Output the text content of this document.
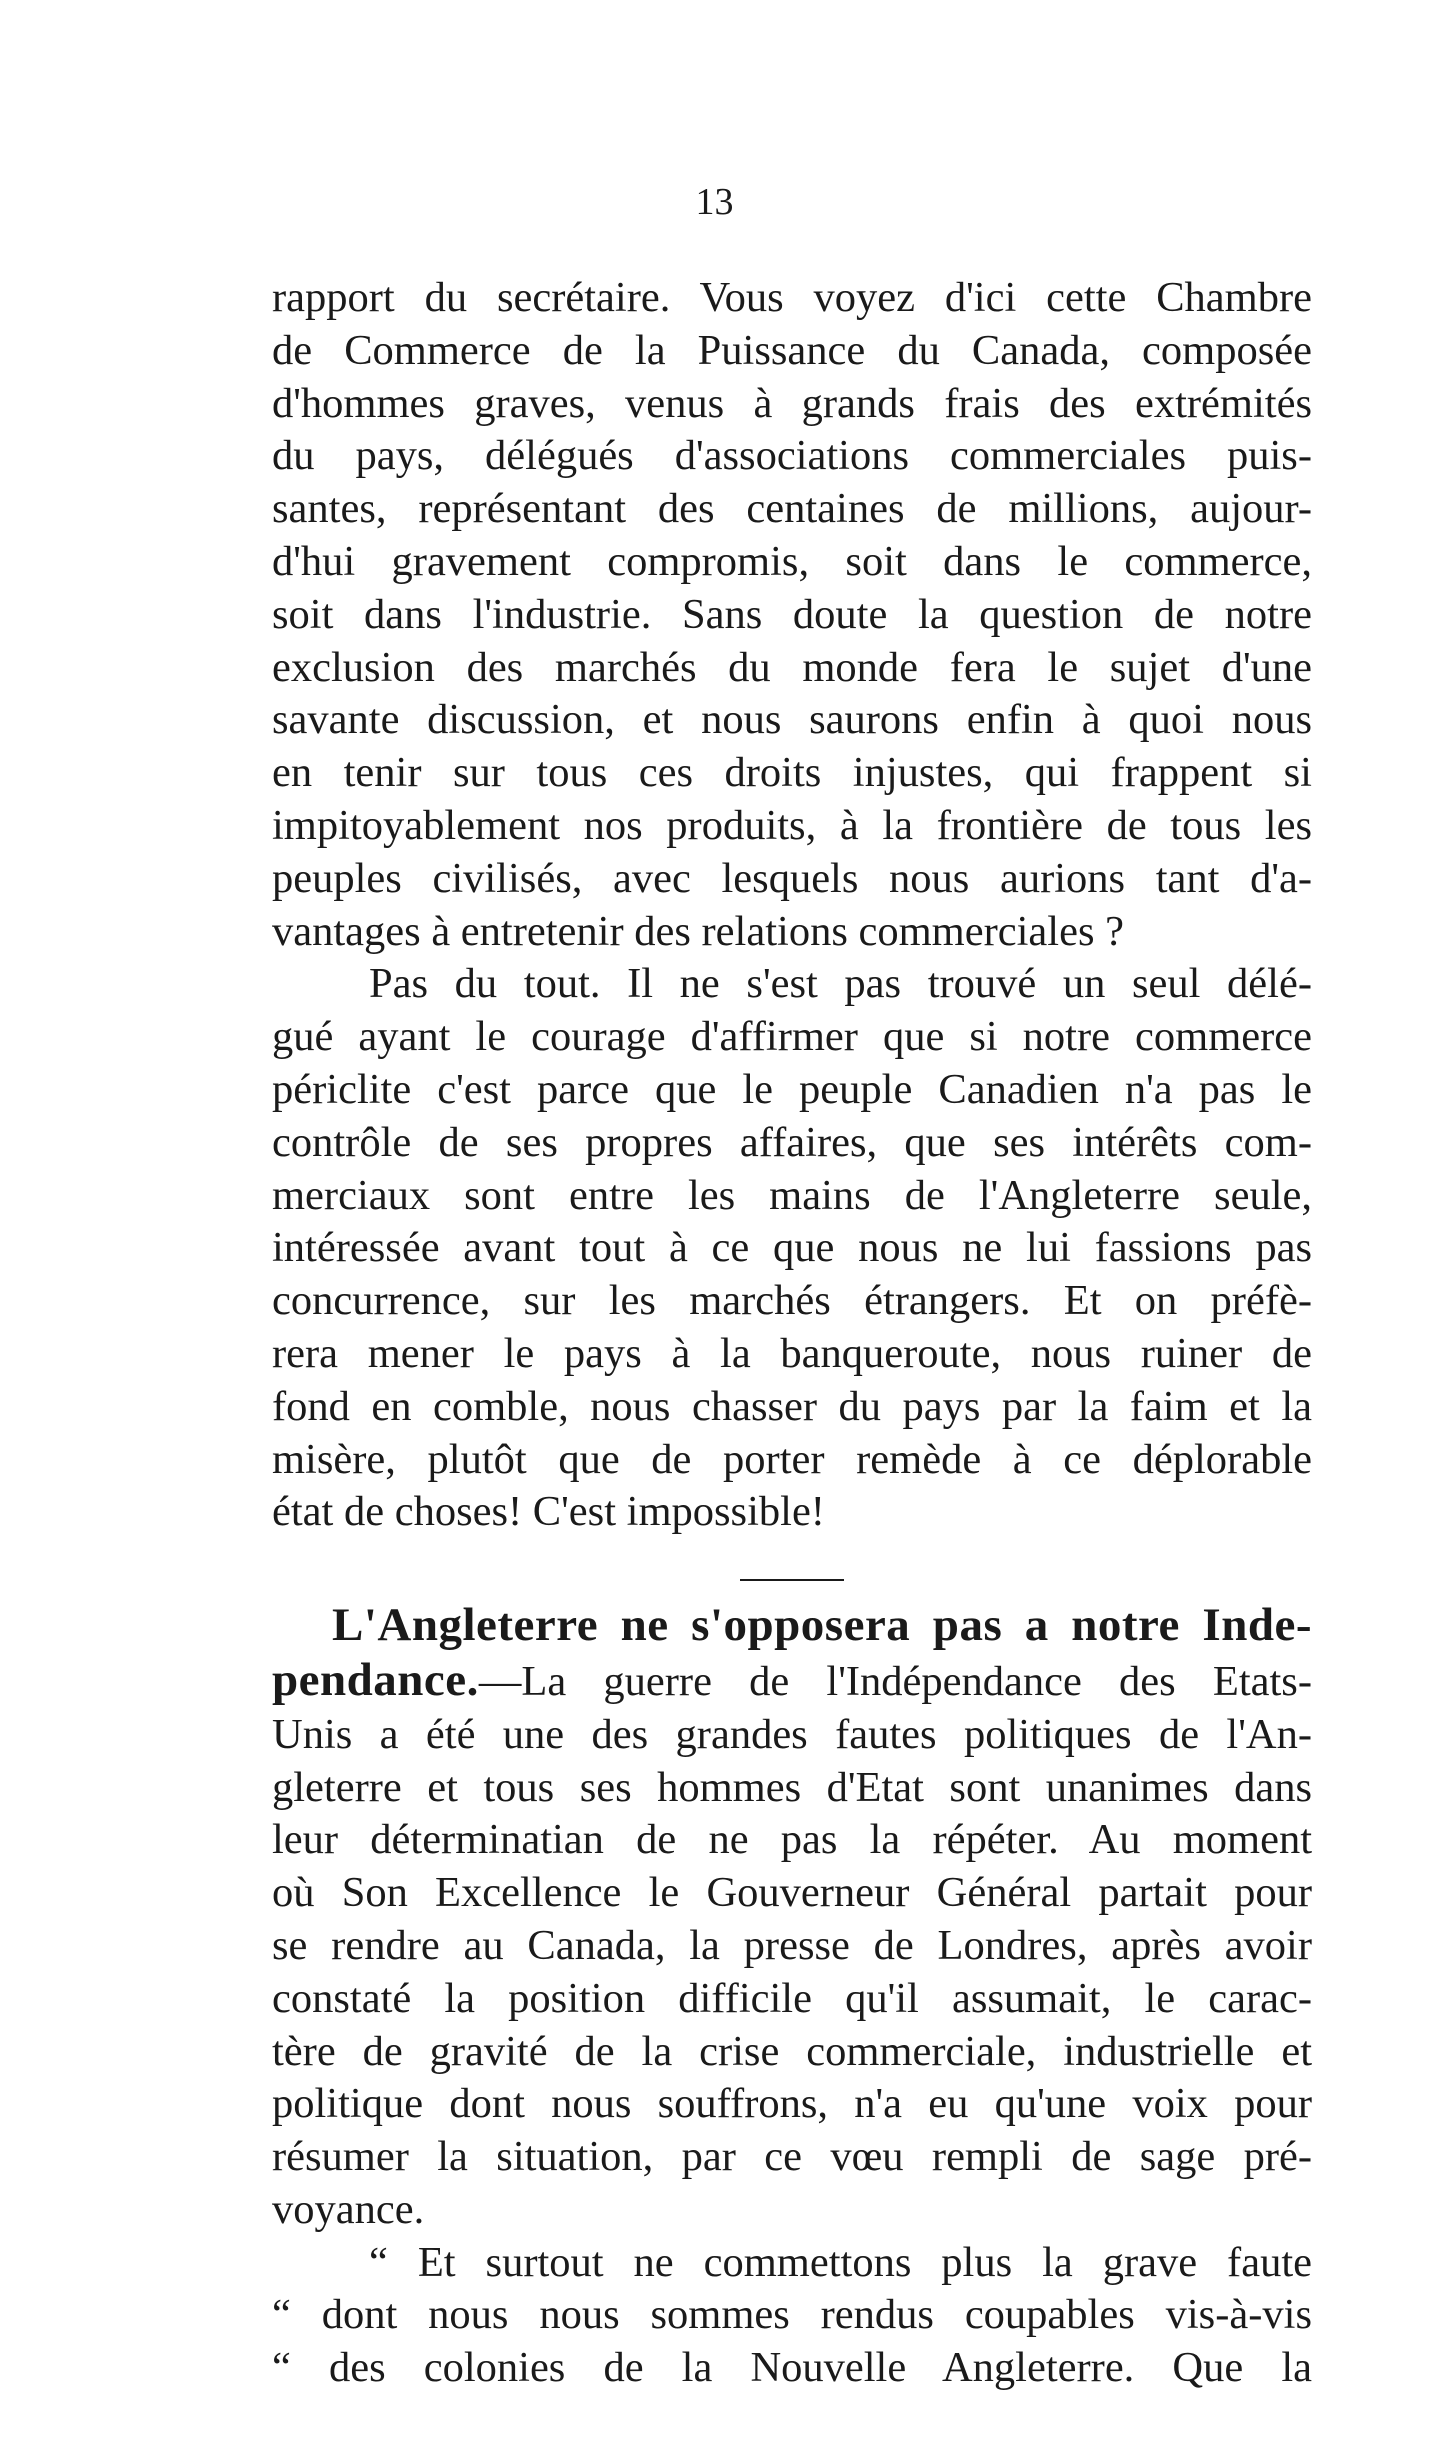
13
rapport du secrétaire. Vous voyez d'ici cette Chambre
de Commerce de la Puissance du Canada, composée
d'hommes graves, venus à grands frais des extrémités
du pays, délégués d'associations commerciales puis-
santes, représentant des centaines de millions, aujour-
d'hui gravement compromis, soit dans le commerce,
soit dans l'industrie. Sans doute la question de notre
exclusion des marchés du monde fera le sujet d'une
savante discussion, et nous saurons enfin à quoi nous
en tenir sur tous ces droits injustes, qui frappent si
impitoyablement nos produits, à la frontière de tous les
peuples civilisés, avec lesquels nous aurions tant d'a-
vantages à entretenir des relations commerciales ?
Pas du tout. Il ne s'est pas trouvé un seul délé-
gué ayant le courage d'affirmer que si notre commerce
périclite c'est parce que le peuple Canadien n'a pas le
contrôle de ses propres affaires, que ses intérêts com-
merciaux sont entre les mains de l'Angleterre seule,
intéressée avant tout à ce que nous ne lui fassions pas
concurrence, sur les marchés étrangers. Et on préfè-
rera mener le pays à la banqueroute, nous ruiner de
fond en comble, nous chasser du pays par la faim et la
misère, plutôt que de porter remède à ce déplorable
état de choses! C'est impossible!
L'Angleterre ne s'opposera pas a notre Inde-
pendance.—La guerre de l'Indépendance des Etats-
Unis a été une des grandes fautes politiques de l'An-
gleterre et tous ses hommes d'Etat sont unanimes dans
leur déterminatian de ne pas la répéter. Au moment
où Son Excellence le Gouverneur Général partait pour
se rendre au Canada, la presse de Londres, après avoir
constaté la position difficile qu'il assumait, le carac-
tère de gravité de la crise commerciale, industrielle et
politique dont nous souffrons, n'a eu qu'une voix pour
résumer la situation, par ce vœu rempli de sage pré-
voyance.
“ Et surtout ne commettons plus la grave faute
“ dont nous nous sommes rendus coupables vis-à-vis
“ des colonies de la Nouvelle Angleterre. Que la
